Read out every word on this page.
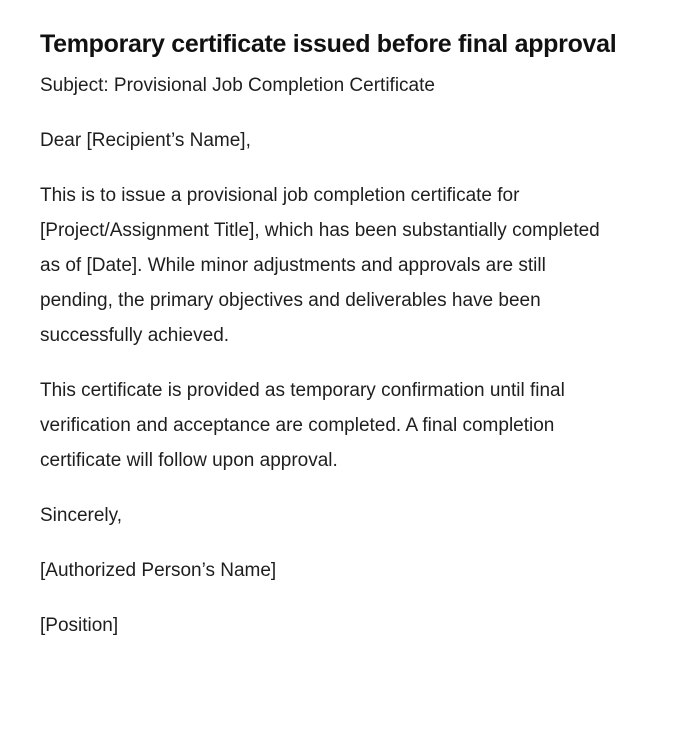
Temporary certificate issued before final approval

Subject: Provisional Job Completion Certificate

Dear [Recipient’s Name],

This is to issue a provisional job completion certificate for [Project/Assignment Title], which has been substantially completed as of [Date]. While minor adjustments and approvals are still pending, the primary objectives and deliverables have been successfully achieved.

This certificate is provided as temporary confirmation until final verification and acceptance are completed. A final completion certificate will follow upon approval.

Sincerely,

[Authorized Person’s Name]

[Position]
